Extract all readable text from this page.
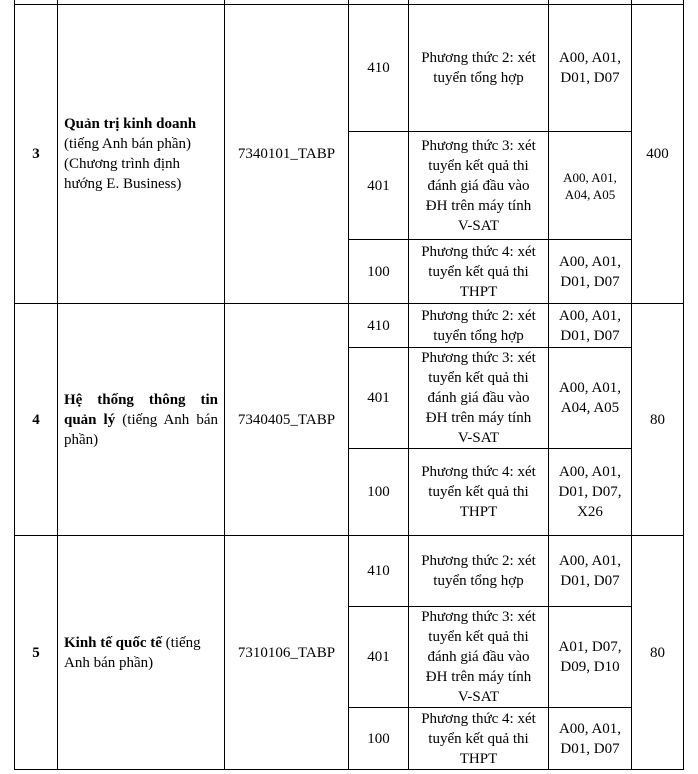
3
Quản trị kinh doanh
(tiếng Anh bán phần)
(Chương trình định hướng E. Business)
7340101_TABP
410
Phương thức 2: xét
tuyển tổng hợp
A00, A01,
D01, D07
401
Phương thức 3: xét
tuyển kết quả thi
đánh giá đầu vào
ĐH trên máy tính
V-SAT
A00, A01,
A04, A05
100
Phương thức 4: xét
tuyển kết quả thi
THPT
A00, A01,
D01, D07
400
4
Hệ thống thông tin quản lý (tiếng Anh bán phần)
7340405_TABP
410
Phương thức 2: xét
tuyển tổng hợp
A00, A01,
D01, D07
401
Phương thức 3: xét
tuyển kết quả thi
đánh giá đầu vào
ĐH trên máy tính
V-SAT
A00, A01,
A04, A05
100
Phương thức 4: xét
tuyển kết quả thi
THPT
A00, A01,
D01, D07,
X26
80
5
Kinh tế quốc tế (tiếng Anh bán phần)
7310106_TABP
410
Phương thức 2: xét
tuyển tổng hợp
A00, A01,
D01, D07
401
Phương thức 3: xét
tuyển kết quả thi
đánh giá đầu vào
ĐH trên máy tính
V-SAT
A01, D07,
D09, D10
100
Phương thức 4: xét
tuyển kết quả thi
THPT
A00, A01,
D01, D07
80
